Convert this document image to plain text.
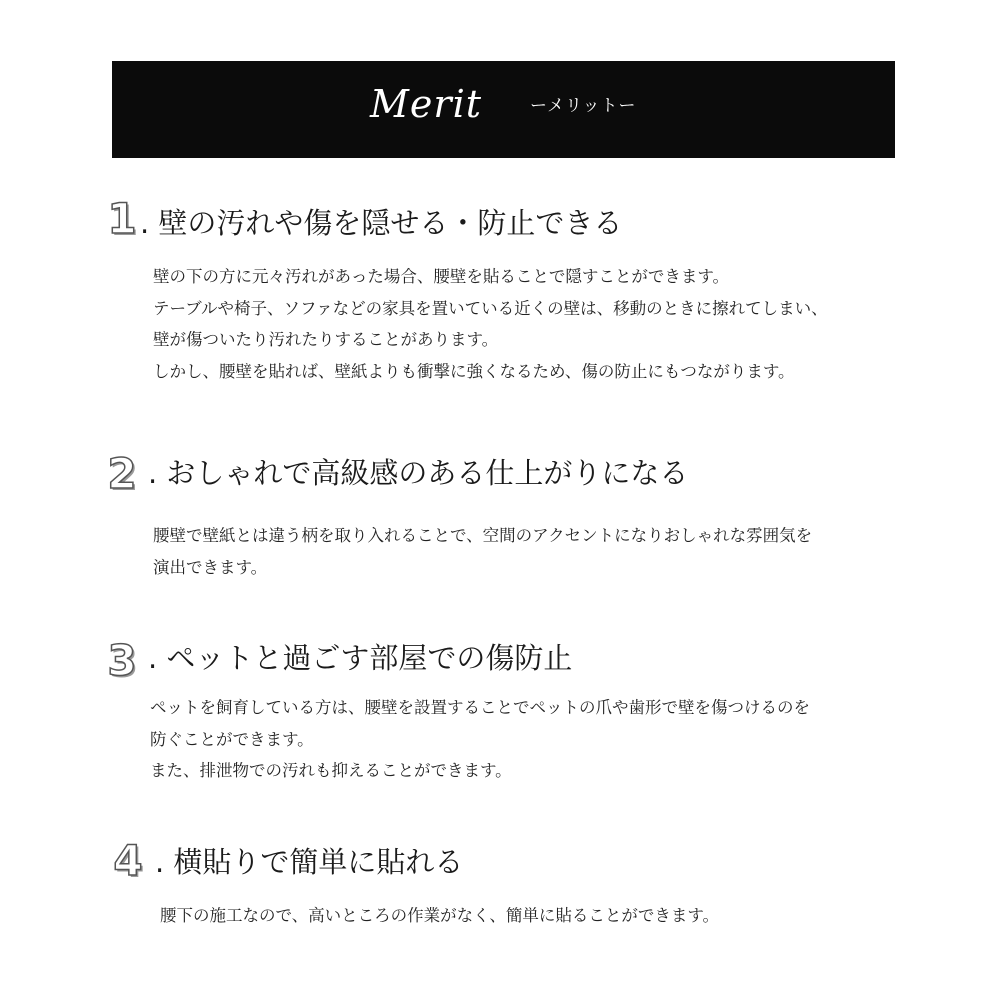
Merit	ーメリットー
1 . 壁の汚れや傷を隠せる・防止できる
壁の下の方に元々汚れがあった場合、腰壁を貼ることで隠すことができます。
テーブルや椅子、ソファなどの家具を置いている近くの壁は、移動のときに擦れてしまい、
壁が傷ついたり汚れたりすることがあります。
しかし、腰壁を貼れば、壁紙よりも衝撃に強くなるため、傷の防止にもつながります。
2 . おしゃれで高級感のある仕上がりになる
腰壁で壁紙とは違う柄を取り入れることで、空間のアクセントになりおしゃれな雰囲気を
演出できます。
3 . ペットと過ごす部屋での傷防止
ペットを飼育している方は、腰壁を設置することでペットの爪や歯形で壁を傷つけるのを
防ぐことができます。
また、排泄物での汚れも抑えることができます。
4 . 横貼りで簡単に貼れる
腰下の施工なので、高いところの作業がなく、簡単に貼ることができます。
